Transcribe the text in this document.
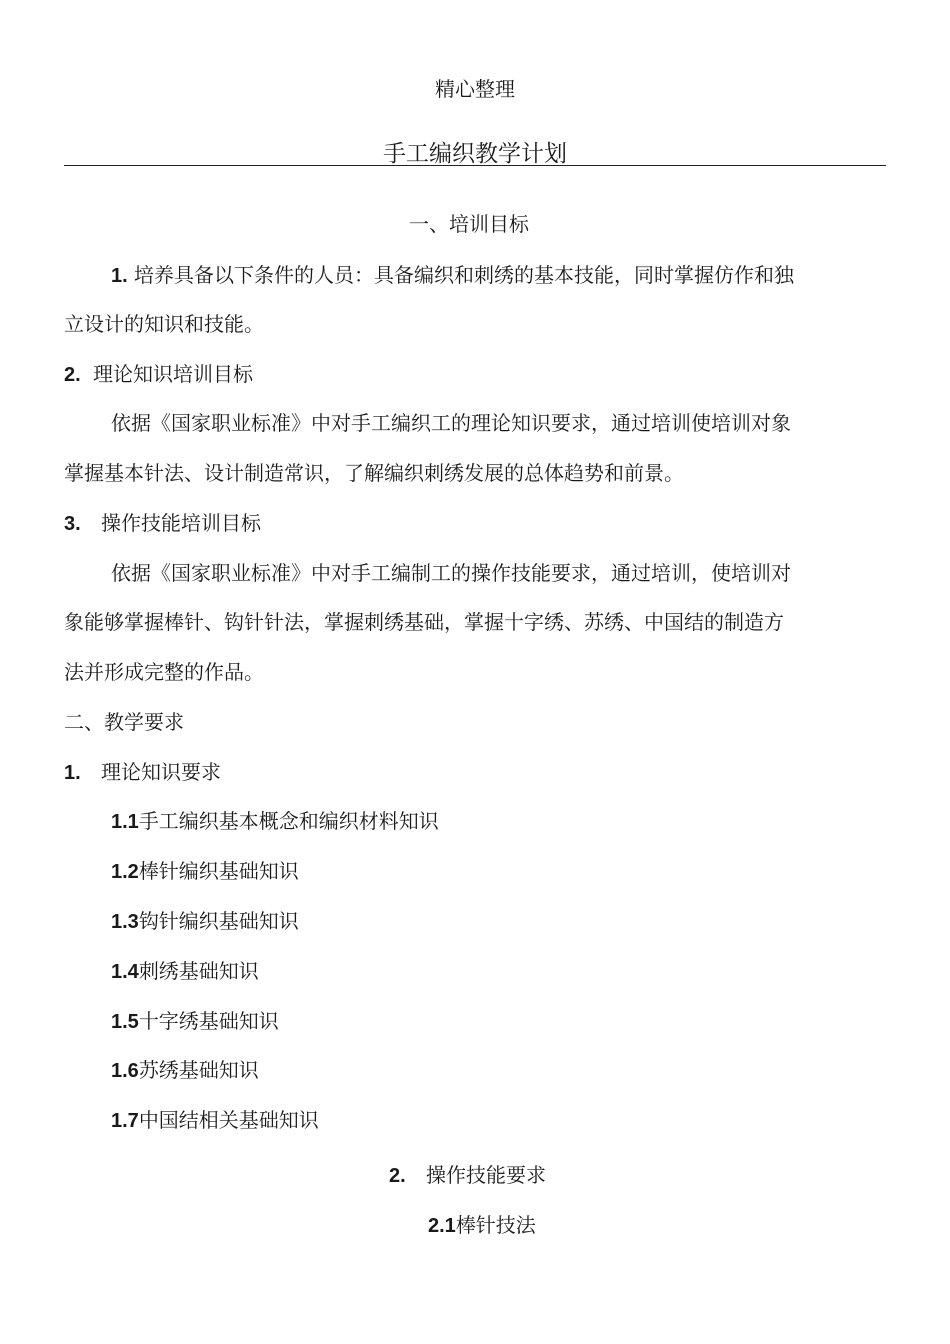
精心整理
手工编织教学计划
一、培训目标
1. 培养具备以下条件的人员：具备编织和刺绣的基本技能，同时掌握仿作和独
立设计的知识和技能。
2. 理论知识培训目标
依据《国家职业标准》中对手工编织工的理论知识要求，通过培训使培训对象
掌握基本针法、设计制造常识，了解编织刺绣发展的总体趋势和前景。
3. 操作技能培训目标
依据《国家职业标准》中对手工编制工的操作技能要求，通过培训，使培训对
象能够掌握棒针、钩针针法，掌握刺绣基础，掌握十字绣、苏绣、中国结的制造方
法并形成完整的作品。
二、教学要求
1. 理论知识要求
1.1手工编织基本概念和编织材料知识
1.2棒针编织基础知识
1.3钩针编织基础知识
1.4刺绣基础知识
1.5十字绣基础知识
1.6苏绣基础知识
1.7中国结相关基础知识
2. 操作技能要求
2.1棒针技法
